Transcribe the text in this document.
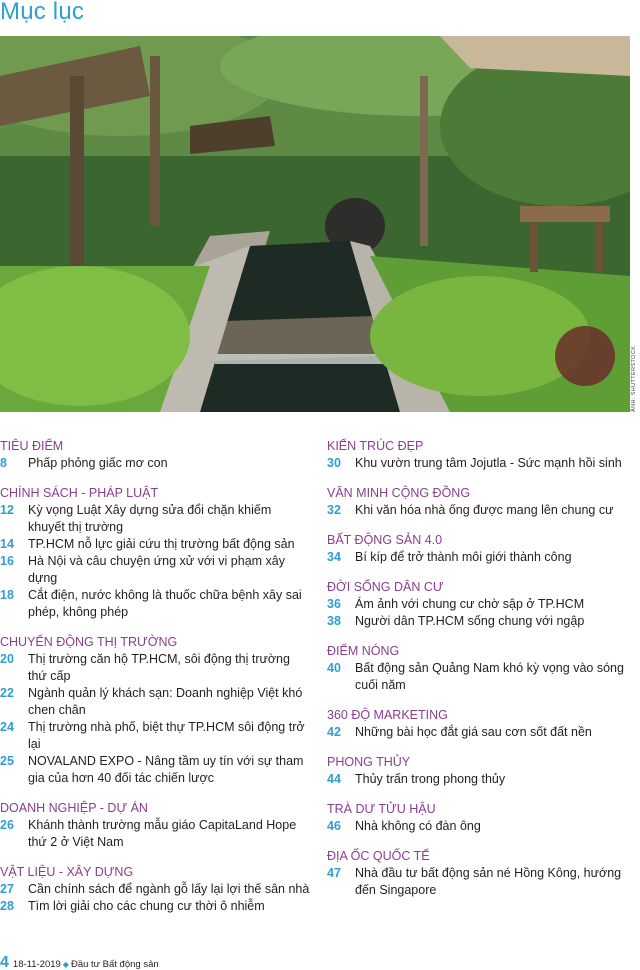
Mục lục
ẢNH: SHUTTERSTOCK
TIÊU ĐIỂM
8	Phấp phỏng giấc mơ con
CHÍNH SÁCH - PHÁP LUẬT
12	Kỳ vọng Luật Xây dựng sửa đổi chặn khiếm khuyết thị trường
14	TP.HCM nỗ lực giải cứu thị trường bất động sản
16	Hà Nội và câu chuyện ứng xử với vi phạm xây dựng
18	Cắt điện, nước không là thuốc chữa bệnh xây sai phép, không phép
CHUYỂN ĐỘNG THỊ TRƯỜNG
20	Thị trường căn hộ TP.HCM, sôi động thị trường thứ cấp
22	Ngành quản lý khách sạn: Doanh nghiệp Việt khó chen chân
24	Thị trường nhà phố, biệt thự TP.HCM sôi động trở lại
25	NOVALAND EXPO - Nâng tầm uy tín với sự tham gia của hơn 40 đối tác chiến lược
DOANH NGHIỆP - DỰ ÁN
26	Khánh thành trường mẫu giáo CapitaLand Hope thứ 2 ở Việt Nam
VẬT LIỆU - XÂY DỰNG
27	Cần chính sách để ngành gỗ lấy lại lợi thế sân nhà
28	Tìm lời giải cho các chung cư thời ô nhiễm
KIẾN TRÚC ĐẸP
30	Khu vườn trung tâm Jojutla - Sức mạnh hồi sinh
VĂN MINH CỘNG ĐỒNG
32	Khi văn hóa nhà ống được mang lên chung cư
BẤT ĐỘNG SẢN 4.0
34	Bí kíp để trở thành môi giới thành công
ĐỜI SỐNG DÂN CƯ
36	Ám ảnh với chung cư chờ sập ở TP.HCM
38	Người dân TP.HCM sống chung với ngập
ĐIỂM NÓNG
40	Bất động sản Quảng Nam khó kỳ vọng vào sóng cuối năm
360 ĐỘ MARKETING
42	Những bài học đắt giá sau cơn sốt đất nền
PHONG THỦY
44	Thủy trấn trong phong thủy
TRÀ DƯ TỬU HẬU
46	Nhà không có đàn ông
ĐỊA ỐC QUỐC TẾ
47	Nhà đầu tư bất động sản né Hồng Kông, hướng đến Singapore
4 18-11-2019 ◆ Đầu tư Bất động sản
